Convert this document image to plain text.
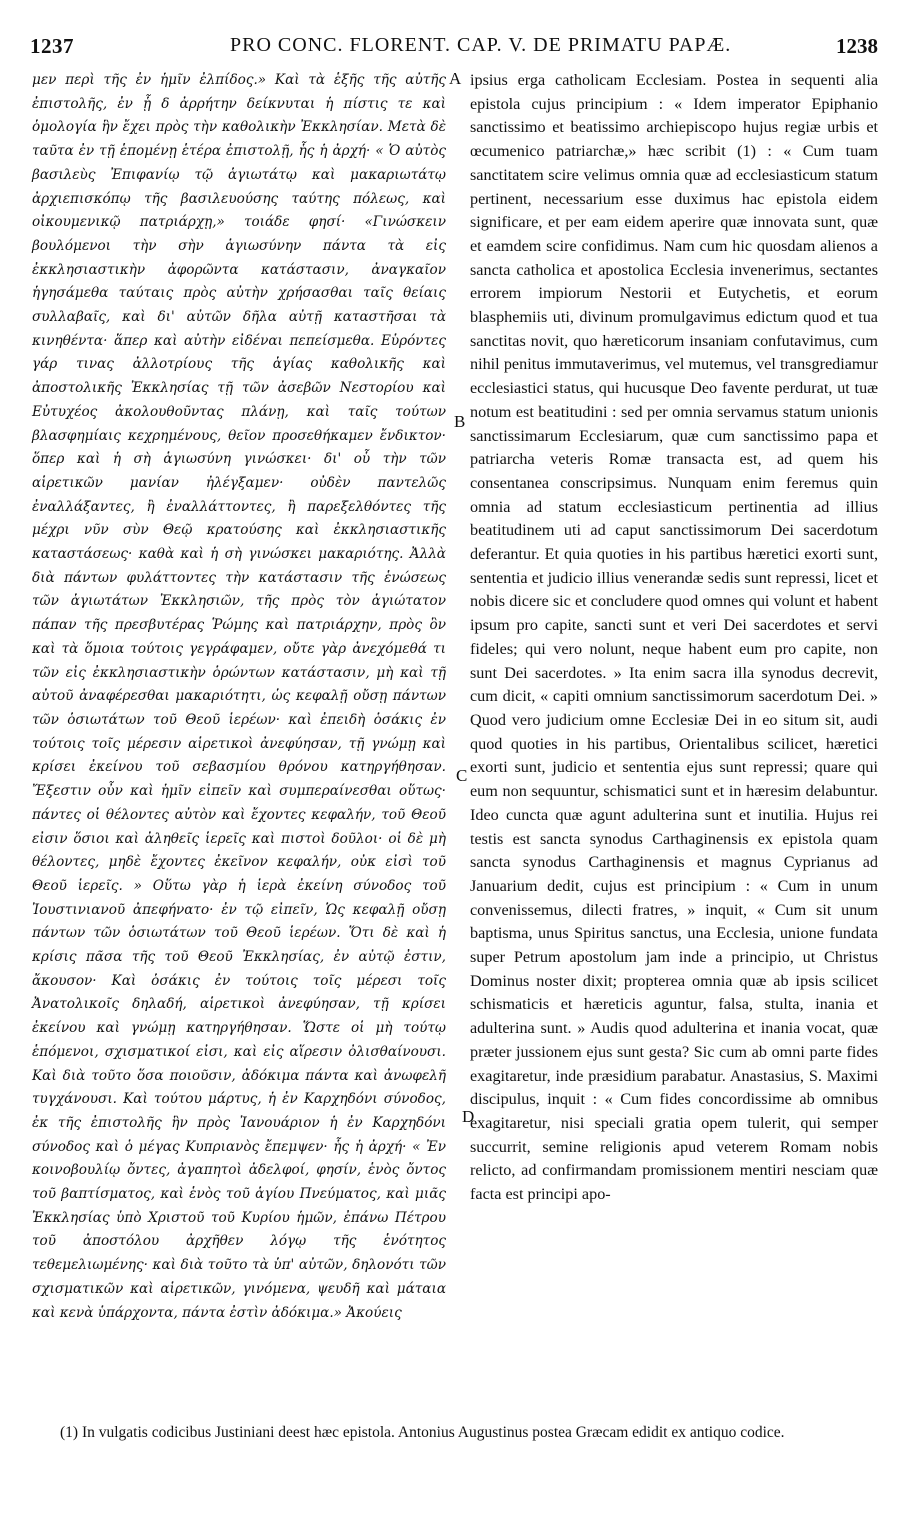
1237	PRO CONC. FLORENT. CAP. V. DE PRIMATU PAPÆ.	1238
μεν περὶ τῆς ἐν ἡμῖν ἐλπίδος.» Καὶ τὰ ἑξῆς τῆς αὐτῆς ἐπιστολῆς, ἐν ᾗ δ ἀρρήτην δείκνυται ἡ πίστις τε καὶ ὁμολογία ἣν ἔχει πρὸς τὴν καθολικὴν Ἐκκλησίαν. Μετὰ δὲ ταῦτα ἐν τῇ ἑπομένῃ ἑτέρα ἐπιστολῇ, ἧς ἡ ἀρχή· « Ὁ αὐτὸς βασιλεὺς Ἐπιφανίῳ τῷ ἁγιωτάτῳ καὶ μακαριωτάτῳ ἀρχιεπισκόπῳ τῆς βασιλευούσης ταύτης πόλεως, καὶ οἰκουμενικῷ πατριάρχῃ,» τοιάδε φησί· «Γινώσκειν βουλόμενοι τὴν σὴν ἁγιωσύνην πάντα τὰ εἰς ἐκκλησιαστικὴν ἀφορῶντα κατάστασιν, ἀναγκαῖον ἡγησάμεθα ταύταις πρὸς αὐτὴν χρήσασθαι ταῖς θείαις συλλαβαῖς, καὶ δι' αὐτῶν δῆλα αὐτῇ καταστῆσαι τὰ κινηθέντα· ἅπερ καὶ αὐτὴν εἰδέναι πεπείσμεθα. Εὑρόντες γάρ τινας ἀλλοτρίους τῆς ἁγίας καθολικῆς καὶ ἀποστολικῆς Ἐκκλησίας τῇ τῶν ἀσεβῶν Νεστορίου καὶ Εὐτυχέος ἀκολουθοῦντας πλάνῃ, καὶ ταῖς τούτων βλασφημίαις κεχρημένους, θεῖον προσεθήκαμεν ἔνδικτον· ὅπερ καὶ ἡ σὴ ἁγιωσύνη γινώσκει· δι' οὗ τὴν τῶν αἱρετικῶν μανίαν ἠλέγξαμεν· οὐδὲν παντελῶς ἐναλλάξαντες, ἢ ἐναλλάττοντες, ἢ παρεξελθόντες τῆς μέχρι νῦν σὺν Θεῷ κρατούσης καὶ ἐκκλησιαστικῆς καταστάσεως· καθὰ καὶ ἡ σὴ γινώσκει μακαριότης. Ἀλλὰ διὰ πάντων φυλάττοντες τὴν κατάστασιν τῆς ἑνώσεως τῶν ἁγιωτάτων Ἐκκλησιῶν, τῆς πρὸς τὸν ἁγιώτατον πάπαν τῆς πρεσβυτέρας Ῥώμης καὶ πατριάρχην, πρὸς ὃν καὶ τὰ ὅμοια τούτοις γεγράφαμεν, οὔτε γὰρ ἀνεχόμεθά τι τῶν εἰς ἐκκλησιαστικὴν ὁρώντων κατάστασιν, μὴ καὶ τῇ αὐτοῦ ἀναφέρεσθαι μακαριότητι, ὡς κεφαλῇ οὔσῃ πάντων τῶν ὁσιωτάτων τοῦ Θεοῦ ἱερέων· καὶ ἐπειδὴ ὁσάκις ἐν τούτοις τοῖς μέρεσιν αἱρετικοὶ ἀνεφύησαν, τῇ γνώμῃ καὶ κρίσει ἐκείνου τοῦ σεβασμίου θρόνου κατηργήθησαν. Ἔξεστιν οὖν καὶ ἡμῖν εἰπεῖν καὶ συμπεραίνεσθαι οὕτως· πάντες οἱ θέλοντες αὐτὸν καὶ ἔχοντες κεφαλήν, τοῦ Θεοῦ εἰσιν ὅσιοι καὶ ἀληθεῖς ἱερεῖς καὶ πιστοὶ δοῦλοι· οἱ δὲ μὴ θέλοντες, μηδὲ ἔχοντες ἐκεῖνον κεφαλήν, οὐκ εἰσὶ τοῦ Θεοῦ ἱερεῖς. » Οὕτω γὰρ ἡ ἱερὰ ἐκείνη σύνοδος τοῦ Ἰουστινιανοῦ ἀπεφήνατο· ἐν τῷ εἰπεῖν, Ὡς κεφαλῇ οὔσῃ πάντων τῶν ὁσιωτάτων τοῦ Θεοῦ ἱερέων. Ὅτι δὲ καὶ ἡ κρίσις πᾶσα τῆς τοῦ Θεοῦ Ἐκκλησίας, ἐν αὐτῷ ἐστιν, ἄκουσον· Καὶ ὁσάκις ἐν τούτοις τοῖς μέρεσι τοῖς Ἀνατολικοῖς δηλαδή, αἱρετικοὶ ἀνεφύησαν, τῇ κρίσει ἐκείνου καὶ γνώμῃ κατηργήθησαν. Ὥστε οἱ μὴ τούτῳ ἑπόμενοι, σχισματικοί εἰσι, καὶ εἰς αἵρεσιν ὀλισθαίνουσι. Καὶ διὰ τοῦτο ὅσα ποιοῦσιν, ἀδόκιμα πάντα καὶ ἀνωφελῆ τυγχάνουσι. Καὶ τούτου μάρτυς, ἡ ἐν Καρχηδόνι σύνοδος, ἐκ τῆς ἐπιστολῆς ἣν πρὸς Ἰανουάριον ἡ ἐν Καρχηδόνι σύνοδος καὶ ὁ μέγας Κυπριανὸς ἔπεμψεν· ἧς ἡ ἀρχή· « Ἐν κοινοβουλίῳ ὄντες, ἀγαπητοὶ ἀδελφοί, φησίν, ἑνὸς ὄντος τοῦ βαπτίσματος, καὶ ἑνὸς τοῦ ἁγίου Πνεύματος, καὶ μιᾶς Ἐκκλησίας ὑπὸ Χριστοῦ τοῦ Κυρίου ἡμῶν, ἐπάνω Πέτρου τοῦ ἀποστόλου ἀρχῆθεν λόγῳ τῆς ἑνότητος τεθεμελιωμένης· καὶ διὰ τοῦτο τὰ ὑπ' αὐτῶν, δηλονότι τῶν σχισματικῶν καὶ αἱρετικῶν, γινόμενα, ψευδῆ καὶ μάταια καὶ κενὰ ὑπάρχοντα, πάντα ἐστὶν ἀδόκιμα.» Ἀκούεις
A
B
C
D
ipsius erga catholicam Ecclesiam. Postea in sequenti alia epistola cujus principium : « Idem imperator Epiphanio sanctissimo et beatissimo archiepiscopo hujus regiæ urbis et œcumenico patriarchæ,» hæc scribit (1) : « Cum tuam sanctitatem scire velimus omnia quæ ad ecclesiasticum statum pertinent, necessarium esse duximus hac epistola eidem significare, et per eam eidem aperire quæ innovata sunt, quæ et eamdem scire confidimus. Nam cum hic quosdam alienos a sancta catholica et apostolica Ecclesia invenerimus, sectantes errorem impiorum Nestorii et Eutychetis, et eorum blasphemiis uti, divinum promulgavimus edictum quod et tua sanctitas novit, quo hæreticorum insaniam confutavimus, cum nihil penitus immutaverimus, vel mutemus, vel transgrediamur ecclesiastici status, qui hucusque Deo favente perdurat, ut tuæ notum est beatitudini : sed per omnia servamus statum unionis sanctissimarum Ecclesiarum, quæ cum sanctissimo papa et patriarcha veteris Romæ transacta est, ad quem his consentanea conscripsimus. Nunquam enim feremus quin omnia ad statum ecclesiasticum pertinentia ad illius beatitudinem uti ad caput sanctissimorum Dei sacerdotum deferantur. Et quia quoties in his partibus hæretici exorti sunt, sententia et judicio illius venerandæ sedis sunt repressi, licet et nobis dicere sic et concludere quod omnes qui volunt et habent ipsum pro capite, sancti sunt et veri Dei sacerdotes et servi fideles; qui vero nolunt, neque habent eum pro capite, non sunt Dei sacerdotes. » Ita enim sacra illa synodus decrevit, cum dicit, « capiti omnium sanctissimorum sacerdotum Dei. » Quod vero judicium omne Ecclesiæ Dei in eo situm sit, audi quod quoties in his partibus, Orientalibus scilicet, hæretici exorti sunt, judicio et sententia ejus sunt repressi; quare qui eum non sequuntur, schismatici sunt et in hæresim delabuntur. Ideo cuncta quæ agunt adulterina sunt et inutilia. Hujus rei testis est sancta synodus Carthaginensis ex epistola quam sancta synodus Carthaginensis et magnus Cyprianus ad Januarium dedit, cujus est principium : « Cum in unum convenissemus, dilecti fratres, » inquit, « Cum sit unum baptisma, unus Spiritus sanctus, una Ecclesia, unione fundata super Petrum apostolum jam inde a principio, ut Christus Dominus noster dixit; propterea omnia quæ ab ipsis scilicet schismaticis et hæreticis aguntur, falsa, stulta, inania et adulterina sunt. » Audis quod adulterina et inania vocat, quæ præter jussionem ejus sunt gesta? Sic cum ab omni parte fides exagitaretur, inde præsidium parabatur. Anastasius, S. Maximi discipulus, inquit : « Cum fides concordissime ab omnibus exagitaretur, nisi speciali gratia opem tulerit, qui semper succurrit, semine religionis apud veterem Romam nobis relicto, ad confirmandam promissionem mentiri nesciam quæ facta est principi apo-
(1) In vulgatis codicibus Justiniani deest hæc epistola. Antonius Augustinus postea Græcam edidit ex antiquo codice.
